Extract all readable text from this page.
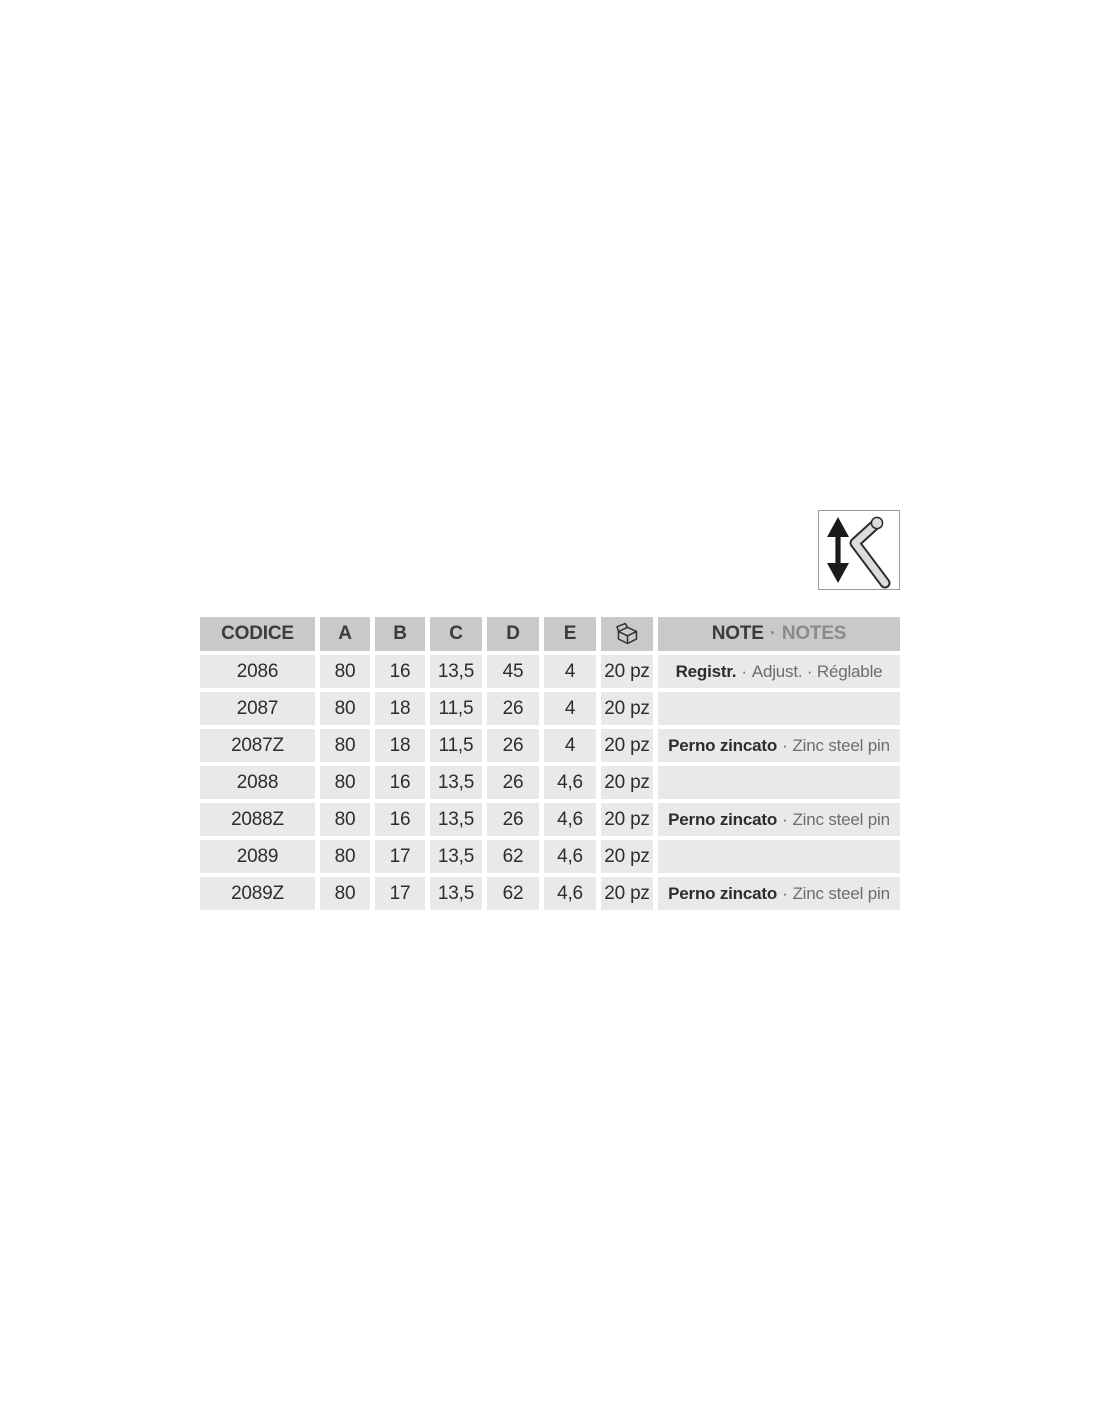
CODICE	A	B	C	D	E	NOTE · NOTES
2086	80	16	13,5	45	4	20 pz Registr. · Adjust. · Réglable
2087	80	18	11,5	26	4	20 pz
2087Z	80	18	11,5	26	4	20 pz Perno zincato · Zinc steel pin
2088	80	16	13,5	26	4,6	20 pz
2088Z	80	16	13,5	26	4,6	20 pz Perno zincato · Zinc steel pin
2089	80	17	13,5	62	4,6	20 pz
2089Z	80	17	13,5	62	4,6	20 pz Perno zincato · Zinc steel pin
